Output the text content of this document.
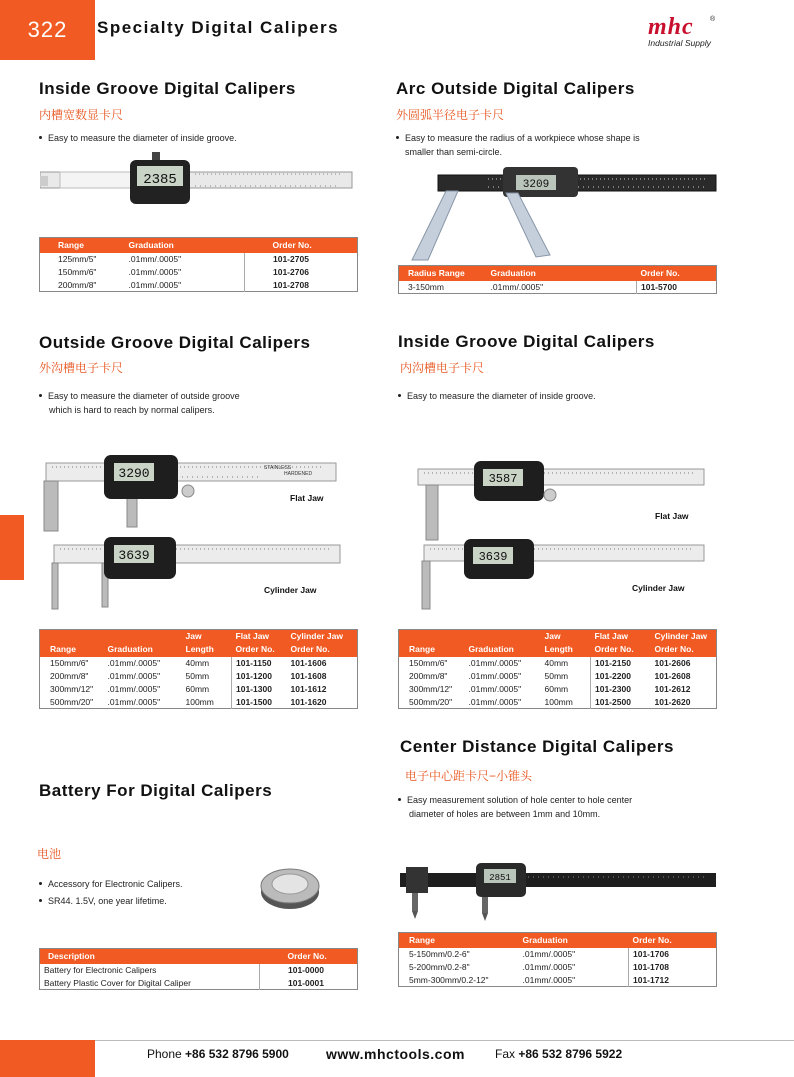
322	Specialty Digital Calipers	mhc
Industrial Supply
®
Inside Groove Digital Calipers
内槽宽数显卡尺
Easy to measure the diameter of inside groove.
2385
Range	Graduation	Order No.
125mm/5"	.01mm/.0005"	101-2705
150mm/6"	.01mm/.0005"	101-2706
200mm/8"	.01mm/.0005"	101-2708
Arc Outside Digital Calipers
外圆弧半径电子卡尺
Easy to measure the radius of a workpiece whose shape is
smaller than semi-circle.
3209
Radius Range	Graduation	Order No.
3-150mm	.01mm/.0005"	101-5700
Outside Groove Digital Calipers
外沟槽电子卡尺
Easy to measure the diameter of outside groove
which is hard to reach by normal calipers.
STAINLESS
HARDENED
3290
3639
Flat Jaw
Cylinder Jaw
		Jaw	Flat Jaw	Cylinder Jaw
Range	Graduation	Length	Order No.	Order No.
150mm/6"	.01mm/.0005"	40mm	101-1150	101-1606
200mm/8"	.01mm/.0005"	50mm	101-1200	101-1608
300mm/12"	.01mm/.0005"	60mm	101-1300	101-1612
500mm/20"	.01mm/.0005"	100mm	101-1500	101-1620
Inside Groove Digital Calipers
内沟槽电子卡尺
Easy to measure the diameter of inside groove.
3587
3639
Flat Jaw
Cylinder Jaw
		Jaw	Flat Jaw	Cylinder Jaw
Range	Graduation	Length	Order No.	Order No.
150mm/6"	.01mm/.0005"	40mm	101-2150	101-2606
200mm/8"	.01mm/.0005"	50mm	101-2200	101-2608
300mm/12"	.01mm/.0005"	60mm	101-2300	101-2612
500mm/20"	.01mm/.0005"	100mm	101-2500	101-2620
Center Distance Digital Calipers
电子中心距卡尺−小锥头
Easy measurement solution of hole center to hole center
diameter of holes are between 1mm and 10mm.
2851
Range	Graduation	Order No.
5-150mm/0.2-6"	.01mm/.0005"	101-1706
5-200mm/0.2-8"	.01mm/.0005"	101-1708
5mm-300mm/0.2-12"	.01mm/.0005"	101-1712
Battery For Digital Calipers
电池
Accessory for Electronic Calipers.
SR44. 1.5V, one year lifetime.
Description	Order No.
Battery for Electronic Calipers	101-0000
Battery Plastic Cover for Digital Caliper	101-0001
Phone +86 532 8796 5900	www.mhctools.com	Fax +86 532 8796 5922
